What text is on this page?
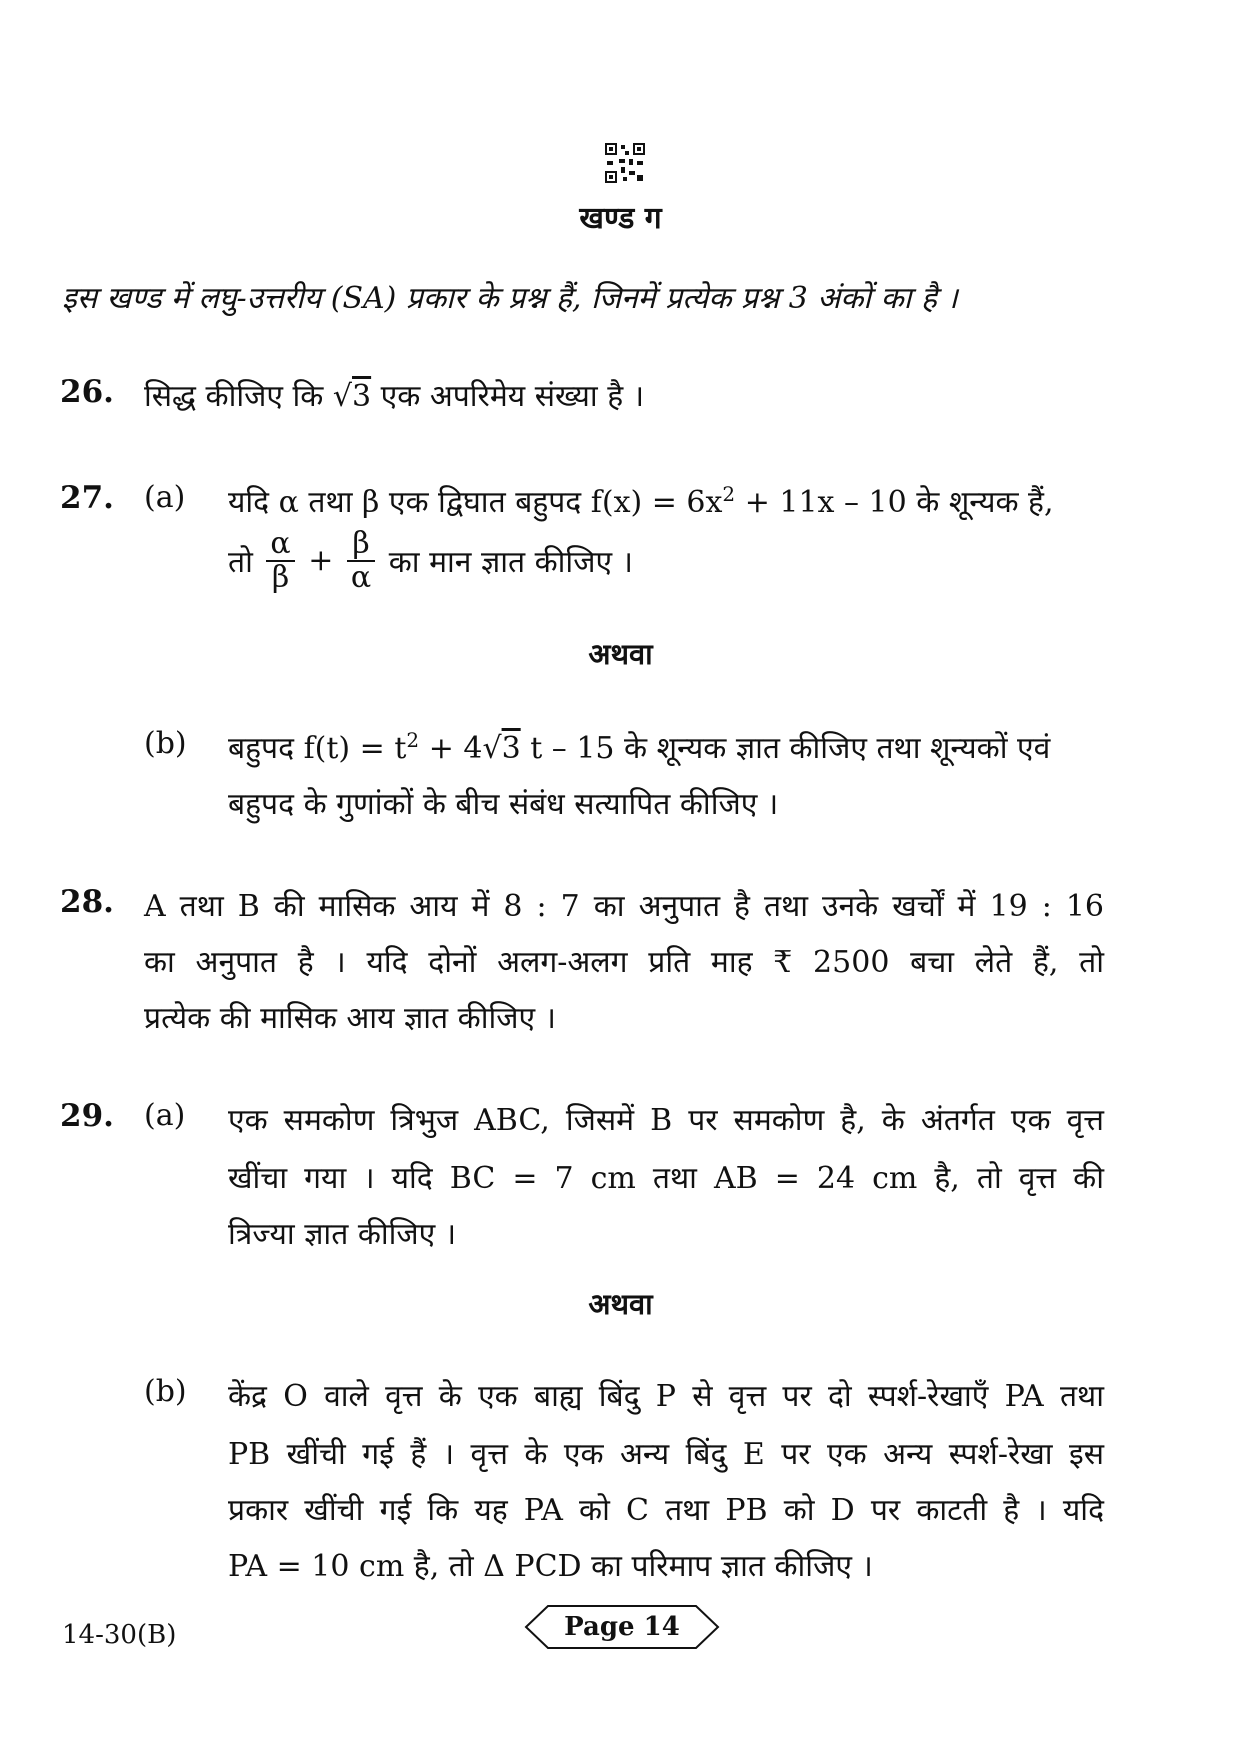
खण्ड ग
इस खण्ड में लघु-उत्तरीय (SA) प्रकार के प्रश्न हैं, जिनमें प्रत्येक प्रश्न 3 अंकों का है ।
26. सिद्ध कीजिए कि √3 एक अपरिमेय संख्या है ।
27. (a) यदि α तथा β एक द्विघात बहुपद $f(x) = 6x^2 + 11x - 10$ के शून्यक हैं,
तो $\frac{\alpha}{\beta} + \frac{\beta}{\alpha}$ का मान ज्ञात कीजिए ।
अथवा
(b) बहुपद $f(t) = t^2 + 4√3$ t – 15 के शून्यक ज्ञात कीजिए तथा शून्यकों एवं
बहुपद के गुणांकों के बीच संबंध सत्यापित कीजिए ।
28. A तथा B की मासिक आय में 8 : 7 का अनुपात है तथा उनके खर्चों में 19 : 16
का अनुपात है । यदि दोनों अलग-अलग प्रति माह ₹ 2500 बचा लेते हैं, तो
प्रत्येक की मासिक आय ज्ञात कीजिए ।
29. (a) एक समकोण त्रिभुज ABC, जिसमें B पर समकोण है, के अंतर्गत एक वृत्त
खींचा गया । यदि BC = 7 cm तथा AB = 24 cm है, तो वृत्त की
त्रिज्या ज्ञात कीजिए ।
अथवा
(b) केंद्र O वाले वृत्त के एक बाह्य बिंदु P से वृत्त पर दो स्पर्श-रेखाएँ PA तथा
PB खींची गई हैं । वृत्त के एक अन्य बिंदु E पर एक अन्य स्पर्श-रेखा इस
प्रकार खींची गई कि यह PA को C तथा PB को D पर काटती है । यदि
PA = 10 cm है, तो Δ PCD का परिमाप ज्ञात कीजिए ।
14-30(B)	Page 14
